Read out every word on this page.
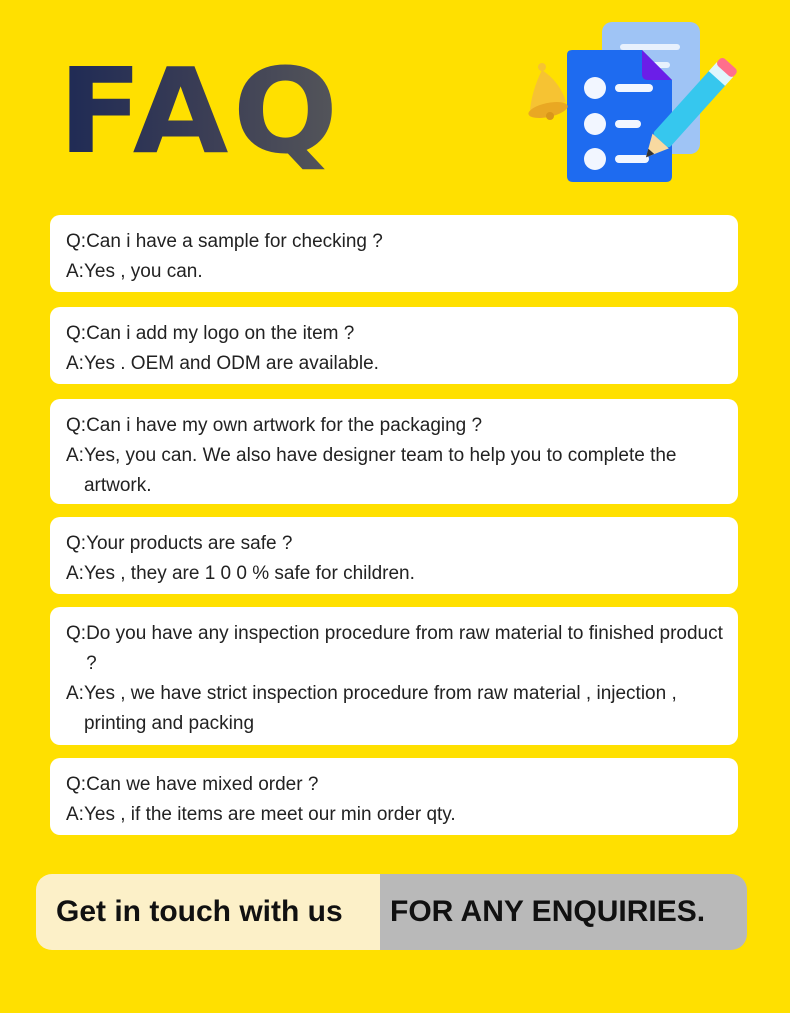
FAQ
Q: Can i have a sample for checking ?
A: Yes , you can.
Q: Can i add my logo on the item ?
A: Yes . OEM and ODM are available.
Q: Can i have my own artwork for the packaging ?
A: Yes, you can. We also have designer team to help you to complete the artwork.
Q: Your products are safe ?
A: Yes , they are 1 0 0 % safe for children.
Q: Do you have any inspection procedure from raw material to finished product ?
A: Yes , we have strict inspection procedure from raw material , injection , printing and packing
Q: Can we have mixed order ?
A: Yes , if the items are meet our min order qty.
Get in touch with us	FOR ANY ENQUIRIES.
